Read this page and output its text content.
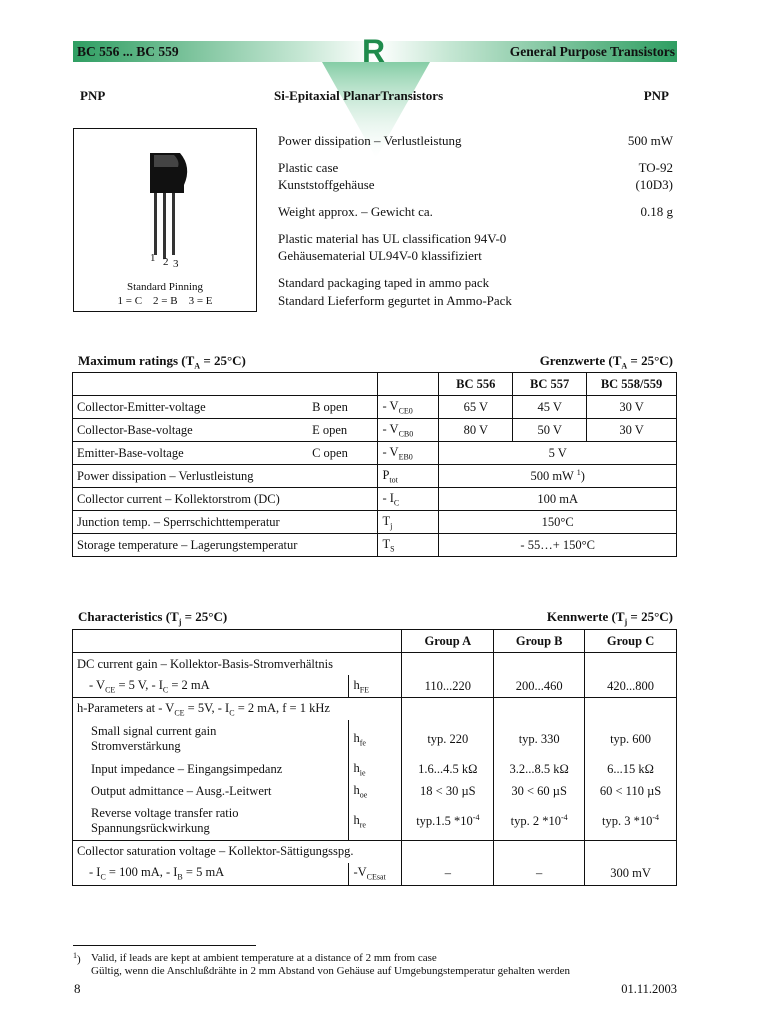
R
BC 556 ... BC 559	General Purpose Transistors
PNP	Si-Epitaxial PlanarTransistors	PNP
1 2 3
Standard Pinning
1 = C    2 = B    3 = E
Power dissipation – Verlustleistung	500 mW
Plastic case	TO-92
Kunststoffgehäuse	(10D3)
Weight approx. – Gewicht ca.	0.18 g
Plastic material has UL classification 94V-0
Gehäusematerial UL94V-0 klassifiziert
Standard packaging taped in ammo pack
Standard Lieferform gegurtet in Ammo-Pack
Maximum ratings $(T_A = 25^\circ C)$	Grenzwerte $(T_A = 25^\circ C)$
			BC 556	BC 557	BC 558/559
Collector-Emitter-voltage	B open	- $V_{CE0}$	65 V	45 V	30 V
Collector-Base-voltage	E open	- $V_{CB0}$	80 V	50 V	30 V
Emitter-Base-voltage	C open	- $V_{EB0}$	5 V		
Power dissipation – Verlustleistung		$P_{tot}$	500 mW $^1$)		
Collector current – Kollektorstrom (DC)		- $I_C$	100 mA		
Junction temp. – Sperrschichttemperatur		$T_j$	150°C		
Storage temperature – Lagerungstemperatur		$T_S$	- 55…+ 150°C		
Characteristics $(T_j = 25^\circ C)$	Kennwerte $(T_j = 25^\circ C)$
		Group A	Group B	Group C
DC current gain – Kollektor-Basis-Stromverhältnis				
- $V_{CE} = 5$ V, - $I_C = 2$ mA	$h_{FE}$	110...220	200...460	420...800
h-Parameters at - $V_{CE} = 5V$, - $I_C = 2$ mA, f = 1 kHz				
Small signal current gain
Stromverstärkung	$h_{fe}$	typ. 220	typ. 330	typ. 600
Input impedance – Eingangsimpedanz	$h_{ie}$	1.6...4.5 kΩ	3.2...8.5 kΩ	6...15 kΩ
Output admittance – Ausg.-Leitwert	$h_{oe}$	18 < 30 µS	30 < 60 µS	60 < 110 µS
Reverse voltage transfer ratio
Spannungsrückwirkung	$h_{re}$	typ.1.5 $*10^{-4}$	typ. 2 $*10^{-4}$	typ. 3 $*10^{-4}$
Collector saturation voltage – Kollektor-Sättigungsspg.				
- $I_C = 100$ mA, - $I_B = 5$ mA	$-V_{CEsat}$	–	–	300 mV
$^1$) Valid, if leads are kept at ambient temperature at a distance of 2 mm from case
Gültig, wenn die Anschlußdrähte in 2 mm Abstand von Gehäuse auf Umgebungstemperatur gehalten werden
8	01.11.2003
